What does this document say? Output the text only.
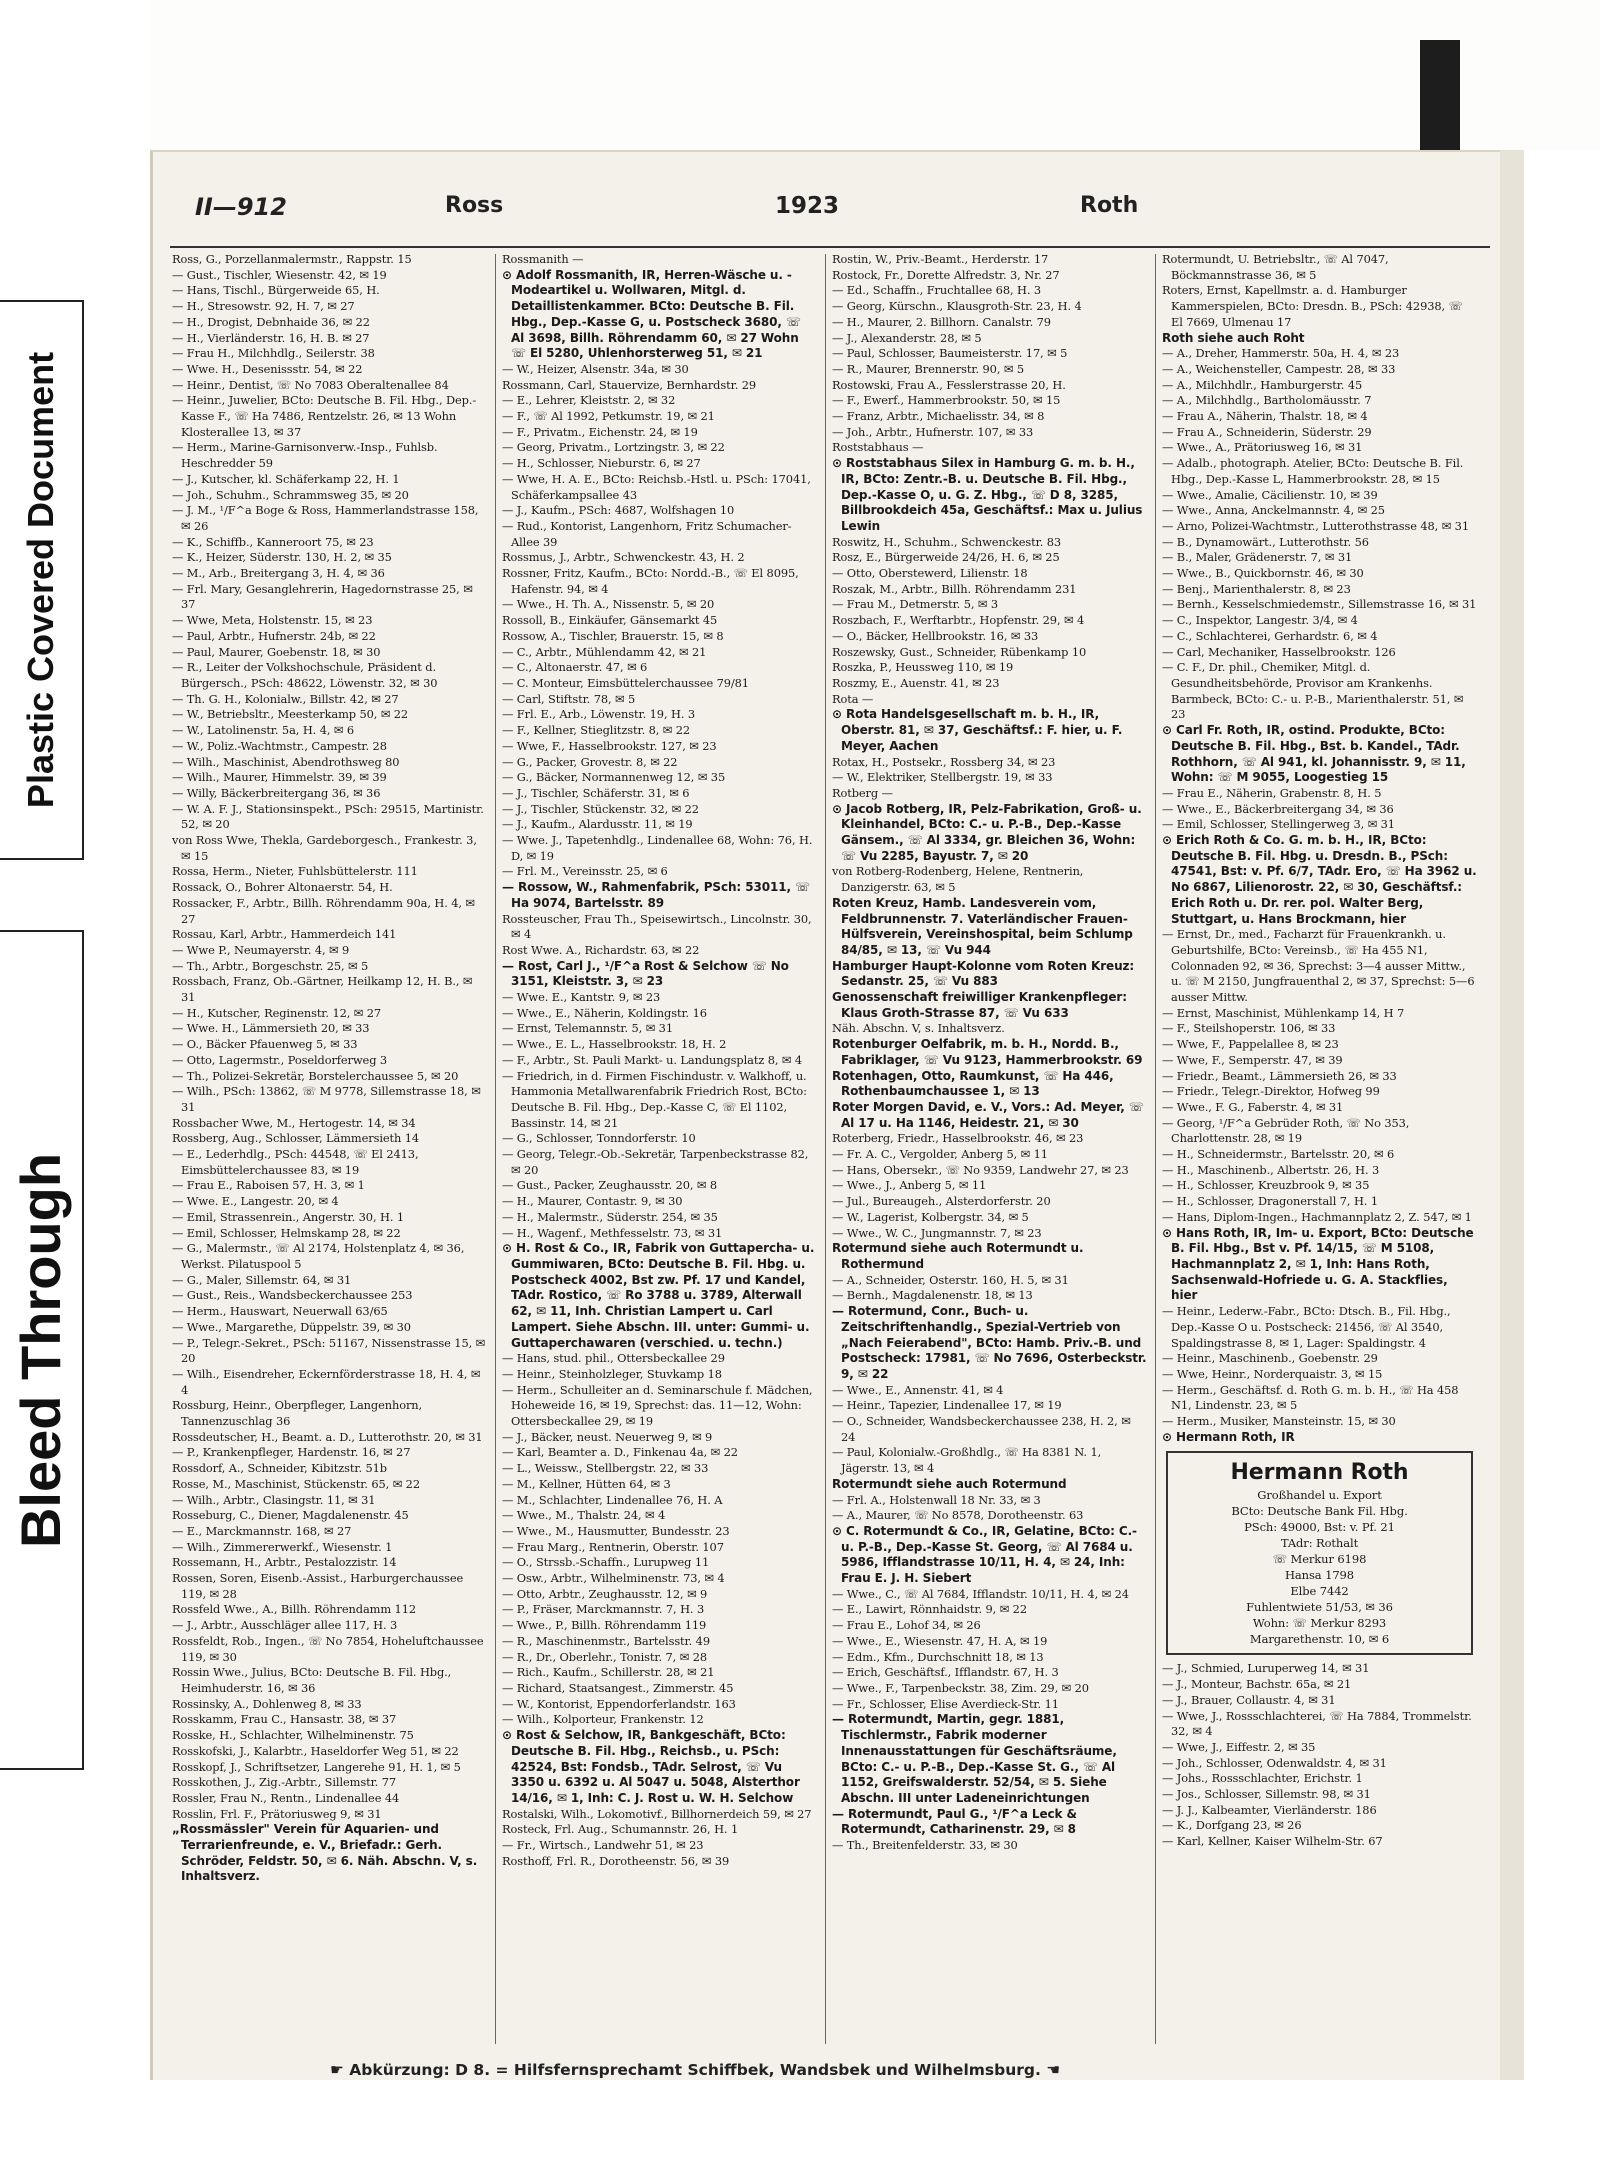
Plastic Covered Document
Bleed Through
II—912	Ross	1923	Roth

Ross, G., Porzellanmalermstr., Rappstr. 15

— Gust., Tischler, Wiesenstr. 42, ✉ 19

— Hans, Tischl., Bürgerweide 65, H.

— H., Stresowstr. 92, H. 7, ✉ 27

— H., Drogist, Debnhaide 36, ✉ 22

— H., Vierländerstr. 16, H. B. ✉ 27

— Frau H., Milchhdlg., Seilerstr. 38

— Wwe. H., Desenissstr. 54, ✉ 22

— Heinr., Dentist, ☏ No 7083 Oberaltenallee 84

— Heinr., Juwelier, BCto: Deutsche B. Fil. Hbg., Dep.-Kasse F., ☏ Ha 7486, Rentzelstr. 26, ✉ 13 Wohn Klosterallee 13, ✉ 37

— Herm., Marine-Garnisonverw.-Insp., Fuhlsb. Heschredder 59

— J., Kutscher, kl. Schäferkamp 22, H. 1

— Joh., Schuhm., Schrammsweg 35, ✉ 20

— J. M., ¹/F^a Boge & Ross, Hammerlandstrasse 158, ✉ 26

— K., Schiffb., Kanneroort 75, ✉ 23

— K., Heizer, Süderstr. 130, H. 2, ✉ 35

— M., Arb., Breitergang 3, H. 4, ✉ 36

— Frl. Mary, Gesanglehrerin, Hagedornstrasse 25, ✉ 37

— Wwe, Meta, Holstenstr. 15, ✉ 23

— Paul, Arbtr., Hufnerstr. 24b, ✉ 22

— Paul, Maurer, Goebenstr. 18, ✉ 30

— R., Leiter der Volkshochschule, Präsident d. Bürgersch., PSch: 48622, Löwenstr. 32, ✉ 30

— Th. G. H., Kolonialw., Billstr. 42, ✉ 27

— W., Betriebsltr., Meesterkamp 50, ✉ 22

— W., Latolinenstr. 5a, H. 4, ✉ 6

— W., Poliz.-Wachtmstr., Campestr. 28

— Wilh., Maschinist, Abendrothsweg 80

— Wilh., Maurer, Himmelstr. 39, ✉ 39

— Willy, Bäckerbreitergang 36, ✉ 36

— W. A. F. J., Stationsinspekt., PSch: 29515, Martinistr. 52, ✉ 20

von Ross Wwe, Thekla, Gardeborgesch., Frankestr. 3, ✉ 15

Rossa, Herm., Nieter, Fuhlsbüttelerstr. 111

Rossack, O., Bohrer Altonaerstr. 54, H.

Rossacker, F., Arbtr., Billh. Röhrendamm 90a, H. 4, ✉ 27

Rossau, Karl, Arbtr., Hammerdeich 141

— Wwe P., Neumayerstr. 4, ✉ 9

— Th., Arbtr., Borgeschstr. 25, ✉ 5

Rossbach, Franz, Ob.-Gärtner, Heilkamp 12, H. B., ✉ 31

— H., Kutscher, Reginenstr. 12, ✉ 27

— Wwe. H., Lämmersieth 20, ✉ 33

— O., Bäcker Pfauenweg 5, ✉ 33

— Otto, Lagermstr., Poseldorferweg 3

— Th., Polizei-Sekretär, Borstelerchaussee 5, ✉ 20

— Wilh., PSch: 13862, ☏ M 9778, Sillemstrasse 18, ✉ 31

Rossbacher Wwe, M., Hertogestr. 14, ✉ 34

Rossberg, Aug., Schlosser, Lämmersieth 14

— E., Lederhdlg., PSch: 44548, ☏ El 2413, Eimsbüttelerchaussee 83, ✉ 19

— Frau E., Raboisen 57, H. 3, ✉ 1

— Wwe. E., Langestr. 20, ✉ 4

— Emil, Strassenrein., Angerstr. 30, H. 1

— Emil, Schlosser, Helmskamp 28, ✉ 22

— G., Malermstr., ☏ Al 2174, Holstenplatz 4, ✉ 36, Werkst. Pilatuspool 5

— G., Maler, Sillemstr. 64, ✉ 31

— Gust., Reis., Wandsbeckerchaussee 253

— Herm., Hauswart, Neuerwall 63/65

— Wwe., Margarethe, Düppelstr. 39, ✉ 30

— P., Telegr.-Sekret., PSch: 51167, Nissenstrasse 15, ✉ 20

— Wilh., Eisendreher, Eckernförderstrasse 18, H. 4, ✉ 4

Rossburg, Heinr., Oberpfleger, Langenhorn, Tannenzuschlag 36

Rossdeutscher, H., Beamt. a. D., Lutterothstr. 20, ✉ 31

— P., Krankenpfleger, Hardenstr. 16, ✉ 27

Rossdorf, A., Schneider, Kibitzstr. 51b

Rosse, M., Maschinist, Stückenstr. 65, ✉ 22

— Wilh., Arbtr., Clasingstr. 11, ✉ 31

Rosseburg, C., Diener, Magdalenenstr. 45

— E., Marckmannstr. 168, ✉ 27

— Wilh., Zimmererwerkf., Wiesenstr. 1

Rossemann, H., Arbtr., Pestalozzistr. 14

Rossen, Soren, Eisenb.-Assist., Harburgerchaussee 119, ✉ 28

Rossfeld Wwe., A., Billh. Röhrendamm 112

— J., Arbtr., Ausschläger allee 117, H. 3

Rossfeldt, Rob., Ingen., ☏ No 7854, Hoheluftchaussee 119, ✉ 30

Rossin Wwe., Julius, BCto: Deutsche B. Fil. Hbg., Heimhuderstr. 16, ✉ 36

Rossinsky, A., Dohlenweg 8, ✉ 33

Rosskamm, Frau C., Hansastr. 38, ✉ 37

Rosske, H., Schlachter, Wilhelminenstr. 75

Rosskofski, J., Kalarbtr., Haseldorfer Weg 51, ✉ 22

Rosskopf, J., Schriftsetzer, Langerehe 91, H. 1, ✉ 5

Rosskothen, J., Zig.-Arbtr., Sillemstr. 77

Rossler, Frau N., Rentn., Lindenallee 44

Rosslin, Frl. F., Prätoriusweg 9, ✉ 31

„Rossmässler" Verein für Aquarien- und Terrarienfreunde, e. V., Briefadr.: Gerh. Schröder, Feldstr. 50, ✉ 6. Näh. Abschn. V, s. Inhaltsverz.

Rossmanith —

⊙ Adolf Rossmanith, IR, Herren-Wäsche u. -Modeartikel u. Wollwaren, Mitgl. d. Detaillistenkammer. BCto: Deutsche B. Fil. Hbg., Dep.-Kasse G, u. Postscheck 3680, ☏ Al 3698, Billh. Röhrendamm 60, ✉ 27 Wohn ☏ El 5280, Uhlenhorsterweg 51, ✉ 21

— W., Heizer, Alsenstr. 34a, ✉ 30

Rossmann, Carl, Stauervize, Bernhardstr. 29

— E., Lehrer, Kleiststr. 2, ✉ 32

— F., ☏ Al 1992, Petkumstr. 19, ✉ 21

— F., Privatm., Eichenstr. 24, ✉ 19

— Georg, Privatm., Lortzingstr. 3, ✉ 22

— H., Schlosser, Nieburstr. 6, ✉ 27

— Wwe, H. A. E., BCto: Reichsb.-Hstl. u. PSch: 17041, Schäferkampsallee 43

— J., Kaufm., PSch: 4687, Wolfshagen 10

— Rud., Kontorist, Langenhorn, Fritz Schumacher-Allee 39

Rossmus, J., Arbtr., Schwenckestr. 43, H. 2

Rossner, Fritz, Kaufm., BCto: Nordd.-B., ☏ El 8095, Hafenstr. 94, ✉ 4

— Wwe., H. Th. A., Nissenstr. 5, ✉ 20

Rossoll, B., Einkäufer, Gänsemarkt 45

Rossow, A., Tischler, Brauerstr. 15, ✉ 8

— C., Arbtr., Mühlendamm 42, ✉ 21

— C., Altonaerstr. 47, ✉ 6

— C. Monteur, Eimsbüttelerchaussee 79/81

— Carl, Stiftstr. 78, ✉ 5

— Frl. E., Arb., Löwenstr. 19, H. 3

— F., Kellner, Stieglitzstr. 8, ✉ 22

— Wwe, F., Hasselbrookstr. 127, ✉ 23

— G., Packer, Grovestr. 8, ✉ 22

— G., Bäcker, Normannenweg 12, ✉ 35

— J., Tischler, Schäferstr. 31, ✉ 6

— J., Tischler, Stückenstr. 32, ✉ 22

— J., Kaufm., Alardusstr. 11, ✉ 19

— Wwe. J., Tapetenhdlg., Lindenallee 68, Wohn: 76, H. D, ✉ 19

— Frl. M., Vereinsstr. 25, ✉ 6

— Rossow, W., Rahmenfabrik, PSch: 53011, ☏ Ha 9074, Bartelsstr. 89

Rossteuscher, Frau Th., Speisewirtsch., Lincolnstr. 30, ✉ 4

Rost Wwe. A., Richardstr. 63, ✉ 22

— Rost, Carl J., ¹/F^a Rost & Selchow ☏ No 3151, Kleiststr. 3, ✉ 23

— Wwe. E., Kantstr. 9, ✉ 23

— Wwe., E., Näherin, Koldingstr. 16

— Ernst, Telemannstr. 5, ✉ 31

— Wwe., E. L., Hasselbrookstr. 18, H. 2

— F., Arbtr., St. Pauli Markt- u. Landungsplatz 8, ✉ 4

— Friedrich, in d. Firmen Fischindustr. v. Walkhoff, u. Hammonia Metallwarenfabrik Friedrich Rost, BCto: Deutsche B. Fil. Hbg., Dep.-Kasse C, ☏ El 1102, Bassinstr. 14, ✉ 21

— G., Schlosser, Tonndorferstr. 10

— Georg, Telegr.-Ob.-Sekretär, Tarpenbeckstrasse 82, ✉ 20

— Gust., Packer, Zeughausstr. 20, ✉ 8

— H., Maurer, Contastr. 9, ✉ 30

— H., Malermstr., Süderstr. 254, ✉ 35

— H., Wagenf., Methfesselstr. 73, ✉ 31

⊙ H. Rost & Co., IR, Fabrik von Guttapercha- u. Gummiwaren, BCto: Deutsche B. Fil. Hbg. u. Postscheck 4002, Bst zw. Pf. 17 und Kandel, TAdr. Rostico, ☏ Ro 3788 u. 3789, Alterwall 62, ✉ 11, Inh. Christian Lampert u. Carl Lampert. Siehe Abschn. III. unter: Gummi- u. Guttaperchawaren (verschied. u. techn.)

— Hans, stud. phil., Ottersbeckallee 29

— Heinr., Steinholzleger, Stuvkamp 18

— Herm., Schulleiter an d. Seminarschule f. Mädchen, Hoheweide 16, ✉ 19, Sprechst: das. 11—12, Wohn: Ottersbeckallee 29, ✉ 19

— J., Bäcker, neust. Neuerweg 9, ✉ 9

— Karl, Beamter a. D., Finkenau 4a, ✉ 22

— L., Weissw., Stellbergstr. 22, ✉ 33

— M., Kellner, Hütten 64, ✉ 3

— M., Schlachter, Lindenallee 76, H. A

— Wwe., M., Thalstr. 24, ✉ 4

— Wwe., M., Hausmutter, Bundesstr. 23

— Frau Marg., Rentnerin, Oberstr. 107

— O., Strssb.-Schaffn., Lurupweg 11

— Osw., Arbtr., Wilhelminenstr. 73, ✉ 4

— Otto, Arbtr., Zeughausstr. 12, ✉ 9

— P., Fräser, Marckmannstr. 7, H. 3

— Wwe., P., Billh. Röhrendamm 119

— R., Maschinenmstr., Bartelsstr. 49

— R., Dr., Oberlehr., Tonistr. 7, ✉ 28

— Rich., Kaufm., Schillerstr. 28, ✉ 21

— Richard, Staatsangest., Zimmerstr. 45

— W., Kontorist, Eppendorferlandstr. 163

— Wilh., Kolporteur, Frankenstr. 12

⊙ Rost & Selchow, IR, Bankgeschäft, BCto: Deutsche B. Fil. Hbg., Reichsb., u. PSch: 42524, Bst: Fondsb., TAdr. Selrost, ☏ Vu 3350 u. 6392 u. Al 5047 u. 5048, Alsterthor 14/16, ✉ 1, Inh: C. J. Rost u. W. H. Selchow

Rostalski, Wilh., Lokomotivf., Billhornerdeich 59, ✉ 27

Rosteck, Frl. Aug., Schumannstr. 26, H. 1

— Fr., Wirtsch., Landwehr 51, ✉ 23

Rosthoff, Frl. R., Dorotheenstr. 56, ✉ 39

Rostin, W., Priv.-Beamt., Herderstr. 17

Rostock, Fr., Dorette Alfredstr. 3, Nr. 27

— Ed., Schaffn., Fruchtallee 68, H. 3

— Georg, Kürschn., Klausgroth-Str. 23, H. 4

— H., Maurer, 2. Billhorn. Canalstr. 79

— J., Alexanderstr. 28, ✉ 5

— Paul, Schlosser, Baumeisterstr. 17, ✉ 5

— R., Maurer, Brennerstr. 90, ✉ 5

Rostowski, Frau A., Fesslerstrasse 20, H.

— F., Ewerf., Hammerbrookstr. 50, ✉ 15

— Franz, Arbtr., Michaelisstr. 34, ✉ 8

— Joh., Arbtr., Hufnerstr. 107, ✉ 33

Roststabhaus —

⊙ Roststabhaus Silex in Hamburg G. m. b. H., IR, BCto: Zentr.-B. u. Deutsche B. Fil. Hbg., Dep.-Kasse O, u. G. Z. Hbg., ☏ D 8, 3285, Billbrookdeich 45a, Geschäftsf.: Max u. Julius Lewin

Roswitz, H., Schuhm., Schwenckestr. 83

Rosz, E., Bürgerweide 24/26, H. 6, ✉ 25

— Otto, Oberstewerd, Lilienstr. 18

Roszak, M., Arbtr., Billh. Röhrendamm 231

— Frau M., Detmerstr. 5, ✉ 3

Roszbach, F., Werftarbtr., Hopfenstr. 29, ✉ 4

— O., Bäcker, Hellbrookstr. 16, ✉ 33

Roszewsky, Gust., Schneider, Rübenkamp 10

Roszka, P., Heussweg 110, ✉ 19

Roszmy, E., Auenstr. 41, ✉ 23

Rota —

⊙ Rota Handelsgesellschaft m. b. H., IR, Oberstr. 81, ✉ 37, Geschäftsf.: F. hier, u. F. Meyer, Aachen

Rotax, H., Postsekr., Rossberg 34, ✉ 23

— W., Elektriker, Stellbergstr. 19, ✉ 33

Rotberg —

⊙ Jacob Rotberg, IR, Pelz-Fabrikation, Groß- u. Kleinhandel, BCto: C.- u. P.-B., Dep.-Kasse Gänsem., ☏ Al 3334, gr. Bleichen 36, Wohn: ☏ Vu 2285, Bayustr. 7, ✉ 20

von Rotberg-Rodenberg, Helene, Rentnerin, Danzigerstr. 63, ✉ 5

Roten Kreuz, Hamb. Landesverein vom, Feldbrunnenstr. 7. Vaterländischer Frauen-Hülfsverein, Vereinshospital, beim Schlump 84/85, ✉ 13, ☏ Vu 944

Hamburger Haupt-Kolonne vom Roten Kreuz: Sedanstr. 25, ☏ Vu 883

Genossenschaft freiwilliger Krankenpfleger: Klaus Groth-Strasse 87, ☏ Vu 633

Näh. Abschn. V, s. Inhaltsverz.

Rotenburger Oelfabrik, m. b. H., Nordd. B., Fabriklager, ☏ Vu 9123, Hammerbrookstr. 69

Rotenhagen, Otto, Raumkunst, ☏ Ha 446, Rothenbaumchaussee 1, ✉ 13

Roter Morgen David, e. V., Vors.: Ad. Meyer, ☏ Al 17 u. Ha 1146, Heidestr. 21, ✉ 30

Roterberg, Friedr., Hasselbrookstr. 46, ✉ 23

— Fr. A. C., Vergolder, Anberg 5, ✉ 11

— Hans, Obersekr., ☏ No 9359, Landwehr 27, ✉ 23

— Wwe., J., Anberg 5, ✉ 11

— Jul., Bureaugeh., Alsterdorferstr. 20

— W., Lagerist, Kolbergstr. 34, ✉ 5

— Wwe., W. C., Jungmannstr. 7, ✉ 23

Rotermund siehe auch Rotermundt u. Rothermund

— A., Schneider, Osterstr. 160, H. 5, ✉ 31

— Bernh., Magdalenenstr. 18, ✉ 13

— Rotermund, Conr., Buch- u. Zeitschriftenhandlg., Spezial-Vertrieb von „Nach Feierabend", BCto: Hamb. Priv.-B. und Postscheck: 17981, ☏ No 7696, Osterbeckstr. 9, ✉ 22

— Wwe., E., Annenstr. 41, ✉ 4

— Heinr., Tapezier, Lindenallee 17, ✉ 19

— O., Schneider, Wandsbeckerchaussee 238, H. 2, ✉ 24

— Paul, Kolonialw.-Großhdlg., ☏ Ha 8381 N. 1, Jägerstr. 13, ✉ 4

Rotermundt siehe auch Rotermund

— Frl. A., Holstenwall 18 Nr. 33, ✉ 3

— A., Maurer, ☏ No 8578, Dorotheenstr. 63

⊙ C. Rotermundt & Co., IR, Gelatine, BCto: C.- u. P.-B., Dep.-Kasse St. Georg, ☏ Al 7684 u. 5986, Ifflandstrasse 10/11, H. 4, ✉ 24, Inh: Frau E. J. H. Siebert

— Wwe., C., ☏ Al 7684, Ifflandstr. 10/11, H. 4, ✉ 24

— E., Lawirt, Rönnhaidstr. 9, ✉ 22

— Frau E., Lohof 34, ✉ 26

— Wwe., E., Wiesenstr. 47, H. A, ✉ 19

— Edm., Kfm., Durchschnitt 18, ✉ 13

— Erich, Geschäftsf., Ifflandstr. 67, H. 3

— Wwe., F., Tarpenbeckstr. 38, Zim. 29, ✉ 20

— Fr., Schlosser, Elise Averdieck-Str. 11

— Rotermundt, Martin, gegr. 1881, Tischlermstr., Fabrik moderner Innenausstattungen für Geschäftsräume, BCto: C.- u. P.-B., Dep.-Kasse St. G., ☏ Al 1152, Greifswalderstr. 52/54, ✉ 5. Siehe Abschn. III unter Ladeneinrichtungen

— Rotermundt, Paul G., ¹/F^a Leck & Rotermundt, Catharinenstr. 29, ✉ 8

— Th., Breitenfelderstr. 33, ✉ 30

Rotermundt, U. Betriebsltr., ☏ Al 7047, Böckmannstrasse 36, ✉ 5

Roters, Ernst, Kapellmstr. a. d. Hamburger Kammerspielen, BCto: Dresdn. B., PSch: 42938, ☏ El 7669, Ulmenau 17

Roth siehe auch Roht

— A., Dreher, Hammerstr. 50a, H. 4, ✉ 23

— A., Weichensteller, Campestr. 28, ✉ 33

— A., Milchhdlr., Hamburgerstr. 45

— A., Milchhdlg., Bartholomäusstr. 7

— Frau A., Näherin, Thalstr. 18, ✉ 4

— Frau A., Schneiderin, Süderstr. 29

— Wwe., A., Prätoriusweg 16, ✉ 31

— Adalb., photograph. Atelier, BCto: Deutsche B. Fil. Hbg., Dep.-Kasse L, Hammerbrookstr. 28, ✉ 15

— Wwe., Amalie, Cäcilienstr. 10, ✉ 39

— Wwe., Anna, Anckelmannstr. 4, ✉ 25

— Arno, Polizei-Wachtmstr., Lutterothstrasse 48, ✉ 31

— B., Dynamowärt., Lutterothstr. 56

— B., Maler, Grädenerstr. 7, ✉ 31

— Wwe., B., Quickbornstr. 46, ✉ 30

— Benj., Marienthalerstr. 8, ✉ 23

— Bernh., Kesselschmiedemstr., Sillemstrasse 16, ✉ 31

— C., Inspektor, Langestr. 3/4, ✉ 4

— C., Schlachterei, Gerhardstr. 6, ✉ 4

— Carl, Mechaniker, Hasselbrookstr. 126

— C. F., Dr. phil., Chemiker, Mitgl. d. Gesundheitsbehörde, Provisor am Krankenhs. Barmbeck, BCto: C.- u. P.-B., Marienthalerstr. 51, ✉ 23

⊙ Carl Fr. Roth, IR, ostind. Produkte, BCto: Deutsche B. Fil. Hbg., Bst. b. Kandel., TAdr. Rothhorn, ☏ Al 941, kl. Johannisstr. 9, ✉ 11, Wohn: ☏ M 9055, Loogestieg 15

— Frau E., Näherin, Grabenstr. 8, H. 5

— Wwe., E., Bäckerbreitergang 34, ✉ 36

— Emil, Schlosser, Stellingerweg 3, ✉ 31

⊙ Erich Roth & Co. G. m. b. H., IR, BCto: Deutsche B. Fil. Hbg. u. Dresdn. B., PSch: 47541, Bst: v. Pf. 6/7, TAdr. Ero, ☏ Ha 3962 u. No 6867, Lilienorostr. 22, ✉ 30, Geschäftsf.: Erich Roth u. Dr. rer. pol. Walter Berg, Stuttgart, u. Hans Brockmann, hier

— Ernst, Dr., med., Facharzt für Frauenkrankh. u. Geburtshilfe, BCto: Vereinsb., ☏ Ha 455 N1, Colonnaden 92, ✉ 36, Sprechst: 3—4 ausser Mittw., u. ☏ M 2150, Jungfrauenthal 2, ✉ 37, Sprechst: 5—6 ausser Mittw.

— Ernst, Maschinist, Mühlenkamp 14, H 7

— F., Steilshoperstr. 106, ✉ 33

— Wwe, F., Pappelallee 8, ✉ 23

— Wwe, F., Semperstr. 47, ✉ 39

— Friedr., Beamt., Lämmersieth 26, ✉ 33

— Friedr., Telegr.-Direktor, Hofweg 99

— Wwe., F. G., Faberstr. 4, ✉ 31

— Georg, ¹/F^a Gebrüder Roth, ☏ No 353, Charlottenstr. 28, ✉ 19

— H., Schneidermstr., Bartelsstr. 20, ✉ 6

— H., Maschinenb., Albertstr. 26, H. 3

— H., Schlosser, Kreuzbrook 9, ✉ 35

— H., Schlosser, Dragonerstall 7, H. 1

— Hans, Diplom-Ingen., Hachmannplatz 2, Z. 547, ✉ 1

⊙ Hans Roth, IR, Im- u. Export, BCto: Deutsche B. Fil. Hbg., Bst v. Pf. 14/15, ☏ M 5108, Hachmannplatz 2, ✉ 1, Inh: Hans Roth, Sachsenwald-Hofriede u. G. A. Stackflies, hier

— Heinr., Lederw.-Fabr., BCto: Dtsch. B., Fil. Hbg., Dep.-Kasse O u. Postscheck: 21456, ☏ Al 3540, Spaldingstrasse 8, ✉ 1, Lager: Spaldingstr. 4

— Heinr., Maschinenb., Goebenstr. 29

— Wwe, Heinr., Norderquaistr. 3, ✉ 15

— Herm., Geschäftsf. d. Roth G. m. b. H., ☏ Ha 458 N1, Lindenstr. 23, ✉ 5

— Herm., Musiker, Mansteinstr. 15, ✉ 30

⊙ Hermann Roth, IR

Hermann Roth
Großhandel u. Export
BCto: Deutsche Bank Fil. Hbg.
PSch: 49000, Bst: v. Pf. 21
TAdr: Rothalt
☏ Merkur 6198
Hansa 1798
Elbe 7442
Fuhlentwiete 51/53, ✉ 36
Wohn: ☏ Merkur 8293
Margarethenstr. 10, ✉ 6

— J., Schmied, Luruperweg 14, ✉ 31

— J., Monteur, Bachstr. 65a, ✉ 21

— J., Brauer, Collaustr. 4, ✉ 31

— Wwe, J., Rossschlachterei, ☏ Ha 7884, Trommelstr. 32, ✉ 4

— Wwe, J., Eiffestr. 2, ✉ 35

— Joh., Schlosser, Odenwaldstr. 4, ✉ 31

— Johs., Rossschlachter, Erichstr. 1

— Jos., Schlosser, Sillemstr. 98, ✉ 31

— J. J., Kalbeamter, Vierländerstr. 186

— K., Dorfgang 23, ✉ 26

— Karl, Kellner, Kaiser Wilhelm-Str. 67

☛ Abkürzung: D 8. = Hilfsfernsprechamt Schiffbek, Wandsbek und Wilhelmsburg. ☚
